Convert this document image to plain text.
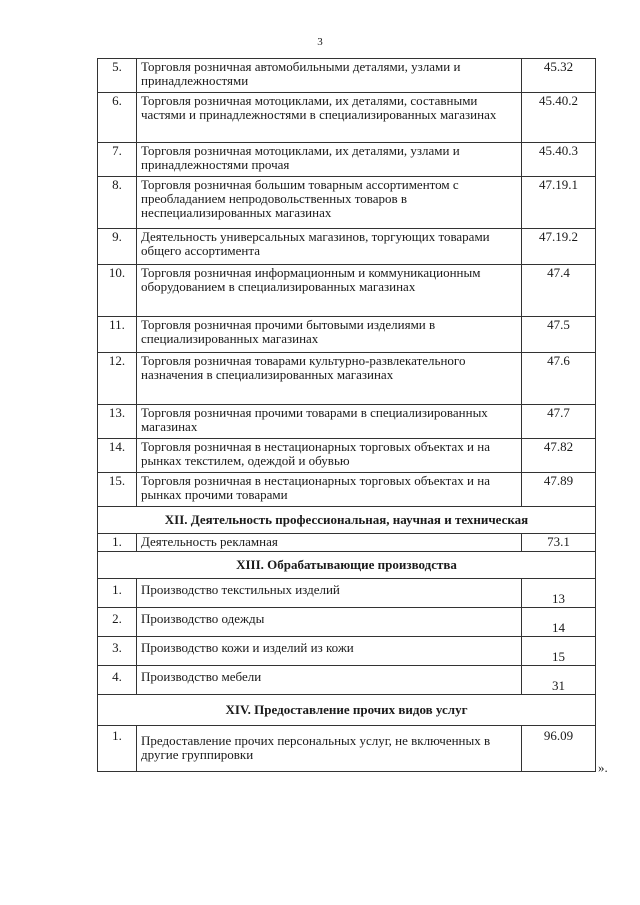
3
5.	Торговля розничная автомобильными деталями, узлами и принадлежностями	45.32
6.	Торговля розничная мотоциклами, их деталями, составными частями и принадлежностями в специализированных магазинах	45.40.2
7.	Торговля розничная мотоциклами, их деталями, узлами и принадлежностями прочая	45.40.3
8.	Торговля розничная большим товарным ассортиментом с преобладанием непродовольственных товаров в неспециализированных магазинах	47.19.1
9.	Деятельность универсальных магазинов, торгующих товарами общего ассортимента	47.19.2
10.	Торговля розничная информационным и коммуникационным оборудованием в специализированных магазинах	47.4
11.	Торговля розничная прочими бытовыми изделиями в специализированных магазинах	47.5
12.	Торговля розничная товарами культурно-развлекательного назначения в специализированных магазинах	47.6
13.	Торговля розничная прочими товарами в специализированных магазинах	47.7
14.	Торговля розничная в нестационарных торговых объектах и на рынках текстилем, одеждой и обувью	47.82
15.	Торговля розничная в нестационарных торговых объектах и на рынках прочими товарами	47.89
XII. Деятельность профессиональная, научная и техническая		
1.	Деятельность рекламная	73.1
XIII. Обрабатывающие производства		
1.	Производство текстильных изделий	13
2.	Производство одежды	14
3.	Производство кожи и изделий из кожи	15
4.	Производство мебели	31
XIV. Предоставление прочих видов услуг		
1.	Предоставление прочих персональных услуг, не включенных в другие группировки	96.09
».
